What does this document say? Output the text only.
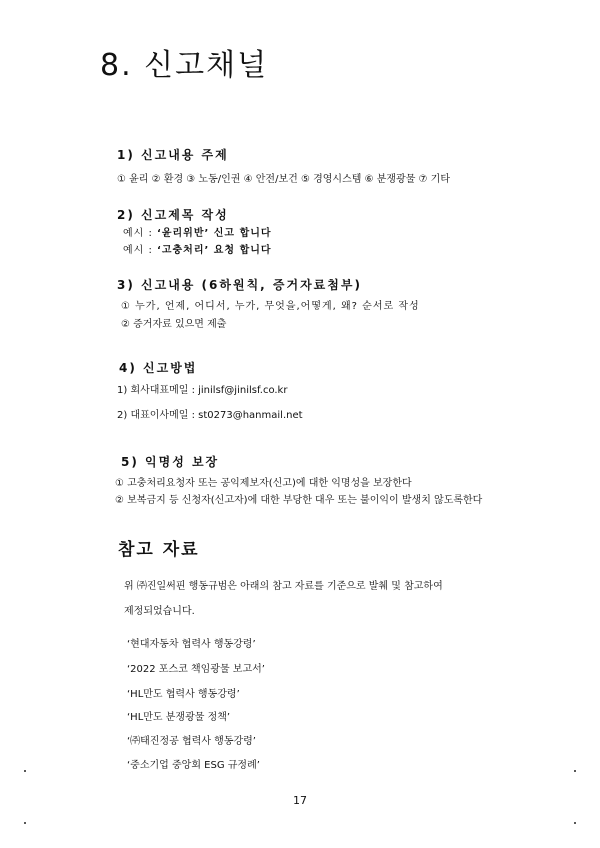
8. 신고채널
1) 신고내용 주제
① 윤리 ② 환경 ③ 노동/인권 ④ 안전/보건 ⑤ 경영시스템 ⑥ 분쟁광물 ⑦ 기타
2) 신고제목 작성
예시 : ‘윤리위반’ 신고 합니다
예시 : ‘고충처리’ 요청 합니다
3) 신고내용 (6하원칙, 증거자료첨부)
① 누가, 언제, 어디서, 누가, 무엇을,어떻게, 왜? 순서로 작성
② 증거자료 있으면 제출
4) 신고방법
1) 회사대표메일 : jinilsf@jinilsf.co.kr
2) 대표이사메일 : st0273@hanmail.net
5) 익명성 보장
① 고충처리요청자 또는 공익제보자(신고)에 대한 익명성을 보장한다
② 보복금지 등 신청자(신고자)에 대한 부당한 대우 또는 불이익이 발생치 않도록한다
참고 자료
위 ㈜진일써핀 행동규범은 아래의 참고 자료를 기준으로 발췌 및 참고하여
제정되었습니다.
‘현대자동차 협력사 행동강령’
‘2022 포스코 책임광물 보고서’
‘HL만도 협력사 행동강령’
‘HL만도 분쟁광물 정책’
‘㈜태진정공 협력사 행동강령’
‘중소기업 중앙회 ESG 규정례’
17
